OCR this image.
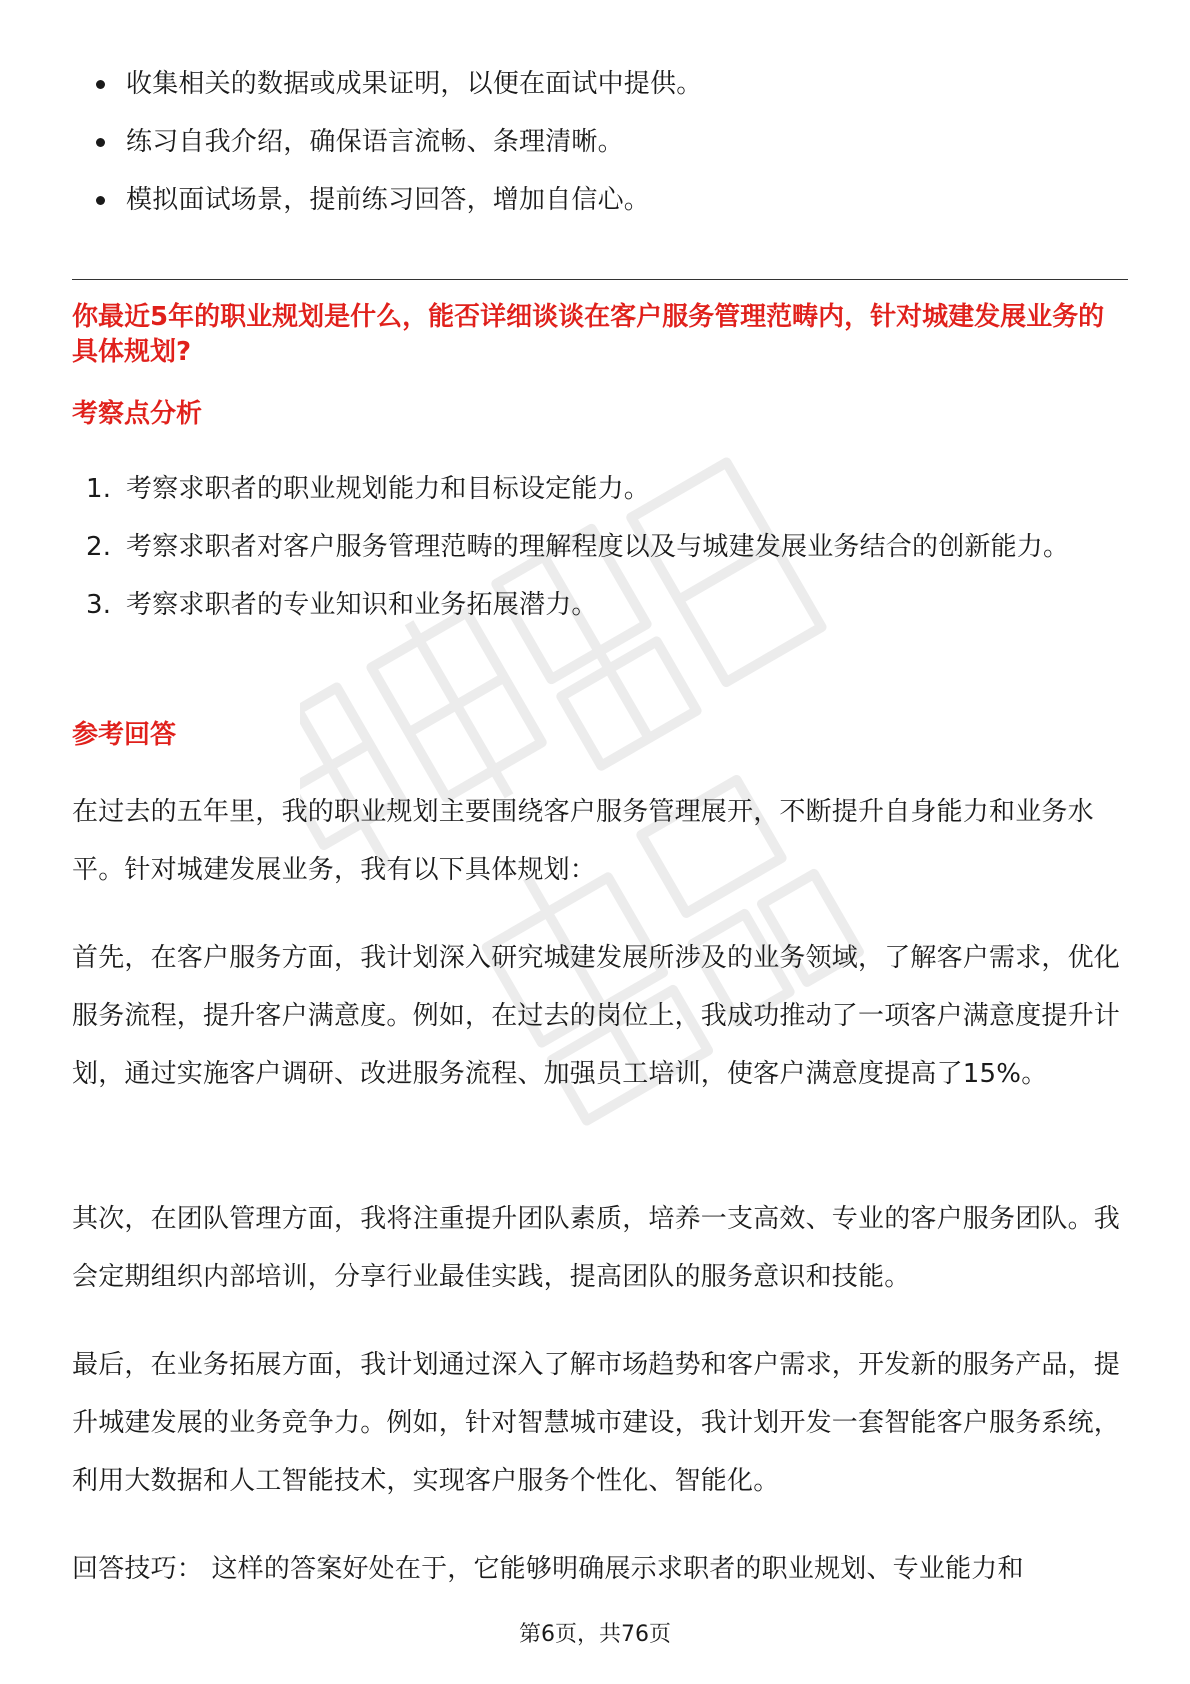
收集相关的数据或成果证明，以便在面试中提供。
练习自我介绍，确保语言流畅、条理清晰。
模拟面试场景，提前练习回答，增加自信心。
你最近5年的职业规划是什么，能否详细谈谈在客户服务管理范畴内，针对城建发展业务的具体规划?
考察点分析
1. 考察求职者的职业规划能力和目标设定能力。
2. 考察求职者对客户服务管理范畴的理解程度以及与城建发展业务结合的创新能力。
3. 考察求职者的专业知识和业务拓展潜力。
参考回答

在过去的五年里，我的职业规划主要围绕客户服务管理展开，不断提升自身能力和业务水平。针对城建发展业务，我有以下具体规划：

首先，在客户服务方面，我计划深入研究城建发展所涉及的业务领域，了解客户需求，优化服务流程，提升客户满意度。例如，在过去的岗位上，我成功推动了一项客户满意度提升计划，通过实施客户调研、改进服务流程、加强员工培训，使客户满意度提高了15%。

其次，在团队管理方面，我将注重提升团队素质，培养一支高效、专业的客户服务团队。我会定期组织内部培训，分享行业最佳实践，提高团队的服务意识和技能。

最后，在业务拓展方面，我计划通过深入了解市场趋势和客户需求，开发新的服务产品，提升城建发展的业务竞争力。例如，针对智慧城市建设，我计划开发一套智能客户服务系统，利用大数据和人工智能技术，实现客户服务个性化、智能化。

回答技巧： 这样的答案好处在于，它能够明确展示求职者的职业规划、专业能力和

第6页，共76页
